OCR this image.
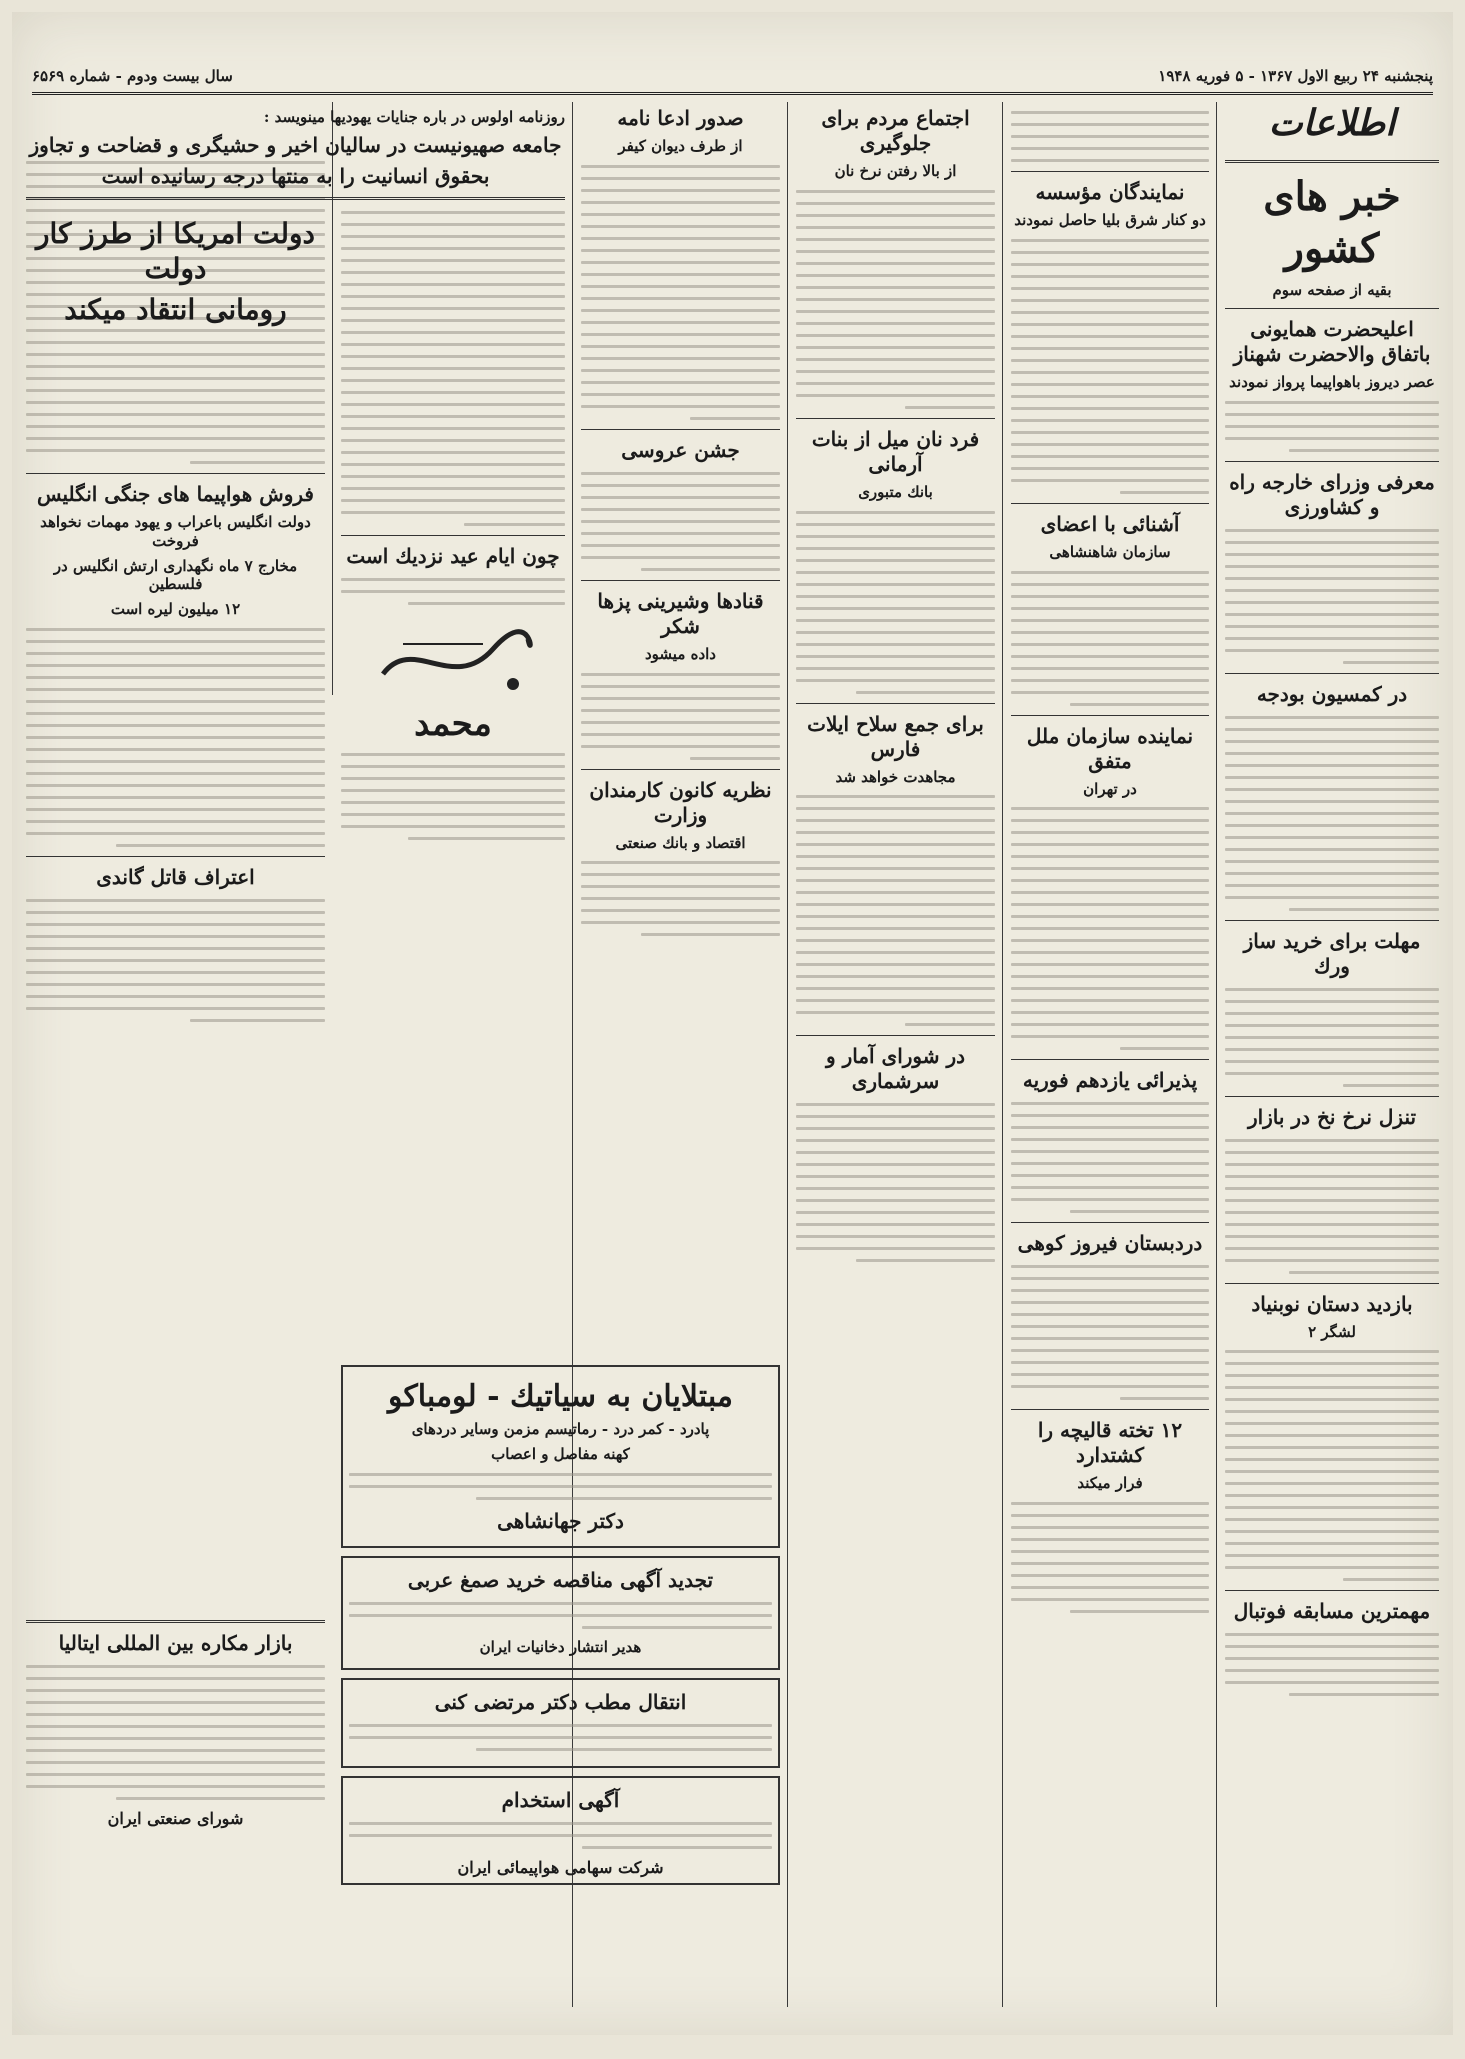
پنجشنبه ۲۴ ربیع الاول ۱۳۶۷ - ۵ فوریه ۱۹۴۸
سال بیست ودوم - شماره ۶۵۶۹
اطلاعات
خبر های کشور
بقیه از صفحه سوم
اعلیحضرت همایونی باتفاق والاحضرت شهناز
عصر دیروز باهواپیما پرواز نمودند
معرفی وزرای خارجه راه و کشاورزی
در کمسیون بودجه
مهلت برای خرید ساز ورك
تنزل نرخ نخ در بازار
بازدید دستان نوبنیاد
لشگر ۲
مهمترین مسابقه فوتبال
نمایندگان مؤسسه
دو کنار شرق بلیا حاصل نمودند
آشنائی با اعضای
سازمان شاهنشاهی
نماینده سازمان ملل متفق
در تهران
پذیرائی یازدهم فوریه
دردبستان فیروز کوهی
۱۲ تخته قالیچه را کشتدارد
فرار میکند
اجتماع مردم برای جلوگیری
از بالا رفتن نرخ نان
فرد نان میل از بنات آرمانی
بانك متبوری
برای جمع سلاح ایلات فارس
مجاهدت خواهد شد
در شورای آمار و سرشماری
صدور ادعا نامه
از طرف دیوان کیفر
جشن عروسی
قنادها وشیرینی پزها شکر
داده میشود
نظریه کانون کارمندان وزارت
اقتصاد و بانك صنعتی
چون ایام عید نزدیك است
محمد
فروش هواپیما های جنگی انگلیس
دولت انگلیس باعراب و یهود مهمات نخواهد فروخت
مخارج ۷ ماه نگهداری ارتش انگلیس در فلسطین
۱۲ میلیون لیره است
اعتراف قاتل گاندی
روزنامه اولوس در باره جنایات یهودیها مینویسد :
جامعه صهیونیست در سالیان اخیر و حشیگری و قضاحت و تجاوز
بحقوق انسانیت را به منتها درجه رسانیده است
دولت امریکا از طرز کار دولت
رومانی انتقاد میکند
مبتلایان به سیاتیك - لومباكو
پادرد - کمر درد - رماتیسم مزمن وسایر دردهای
کهنه مفاصل و اعصاب
دکتر جهانشاهی
تجدید آگهی مناقصه خرید صمغ عربی
هدیر انتشار دخانیات ایران
انتقال مطب دکتر مرتضی کنی
آگهی استخدام
شرکت سهامی هواپیمائی ایران
بازار مکاره بین المللی ایتالیا
شورای صنعتی ایران
